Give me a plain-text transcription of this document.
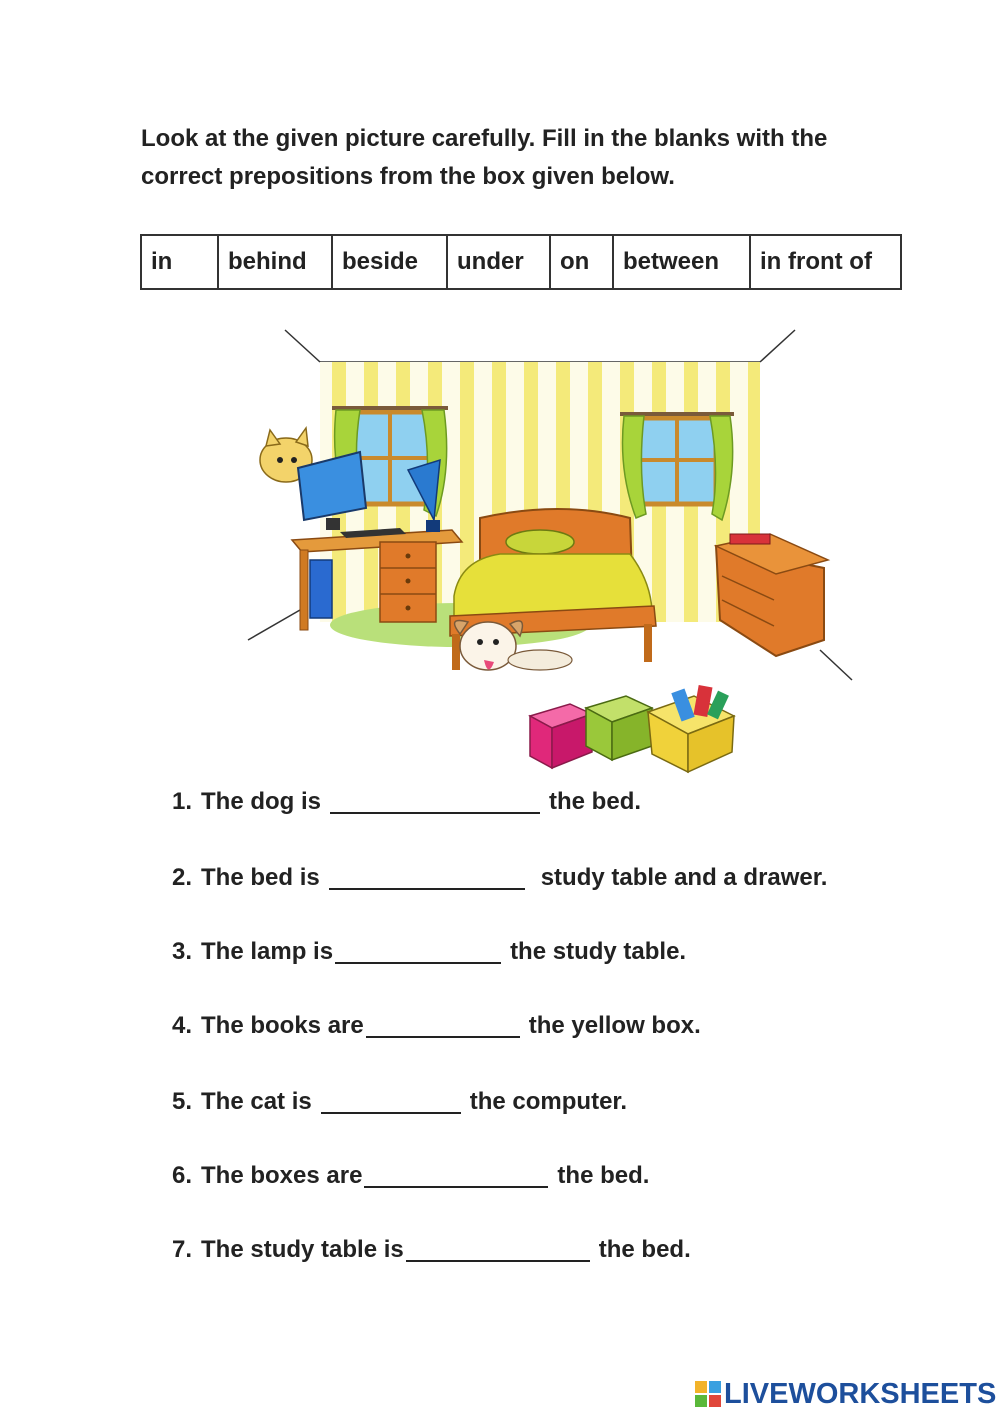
Look at the given picture carefully. Fill in the blanks with the
correct prepositions from the box given below.
in	behind	beside	under	on	between	in front of
1. The dog is	the bed.
2. The bed is	study table and a drawer.
3. The lamp is	the study table.
4. The books are	the yellow box.
5. The cat is	the computer.
6. The boxes are	the bed.
7. The study table is	the bed.
LIVEWORKSHEETS
